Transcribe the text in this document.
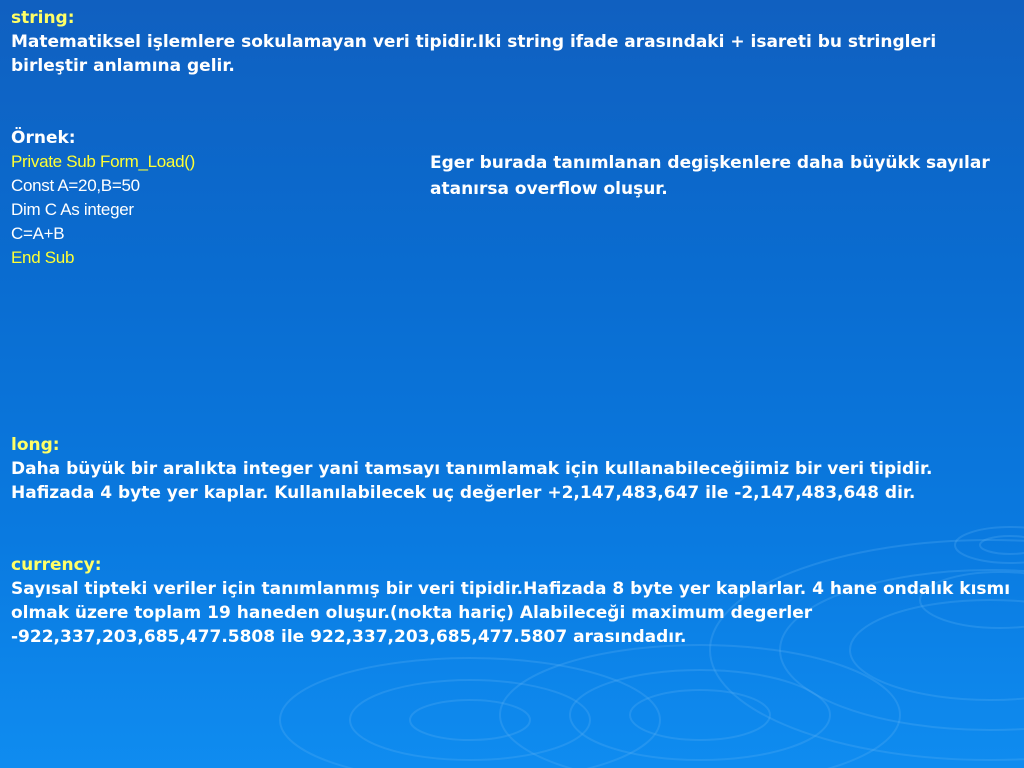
string:
Matematiksel işlemlere sokulamayan veri tipidir.Iki string ifade arasındaki + isareti bu stringleri birleştir anlamına gelir.
Örnek:
Private Sub Form_Load()
Const A=20,B=50
Dim C As integer
C=A+B
End Sub
Eger burada tanımlanan degişkenlere daha büyükk sayılar atanırsa overflow oluşur.
long:
Daha büyük bir aralıkta integer yani tamsayı tanımlamak için kullanabileceğiimiz bir veri tipidir. Hafizada 4 byte yer kaplar. Kullanılabilecek uç değerler +2,147,483,647 ile -2,147,483,648 dir.
currency:
Sayısal tipteki veriler için tanımlanmış bir veri tipidir.Hafizada 8 byte yer kaplarlar. 4 hane ondalık kısmı olmak üzere toplam 19 haneden oluşur.(nokta hariç) Alabileceği maximum degerler -922,337,203,685,477.5808 ile 922,337,203,685,477.5807 arasındadır.
